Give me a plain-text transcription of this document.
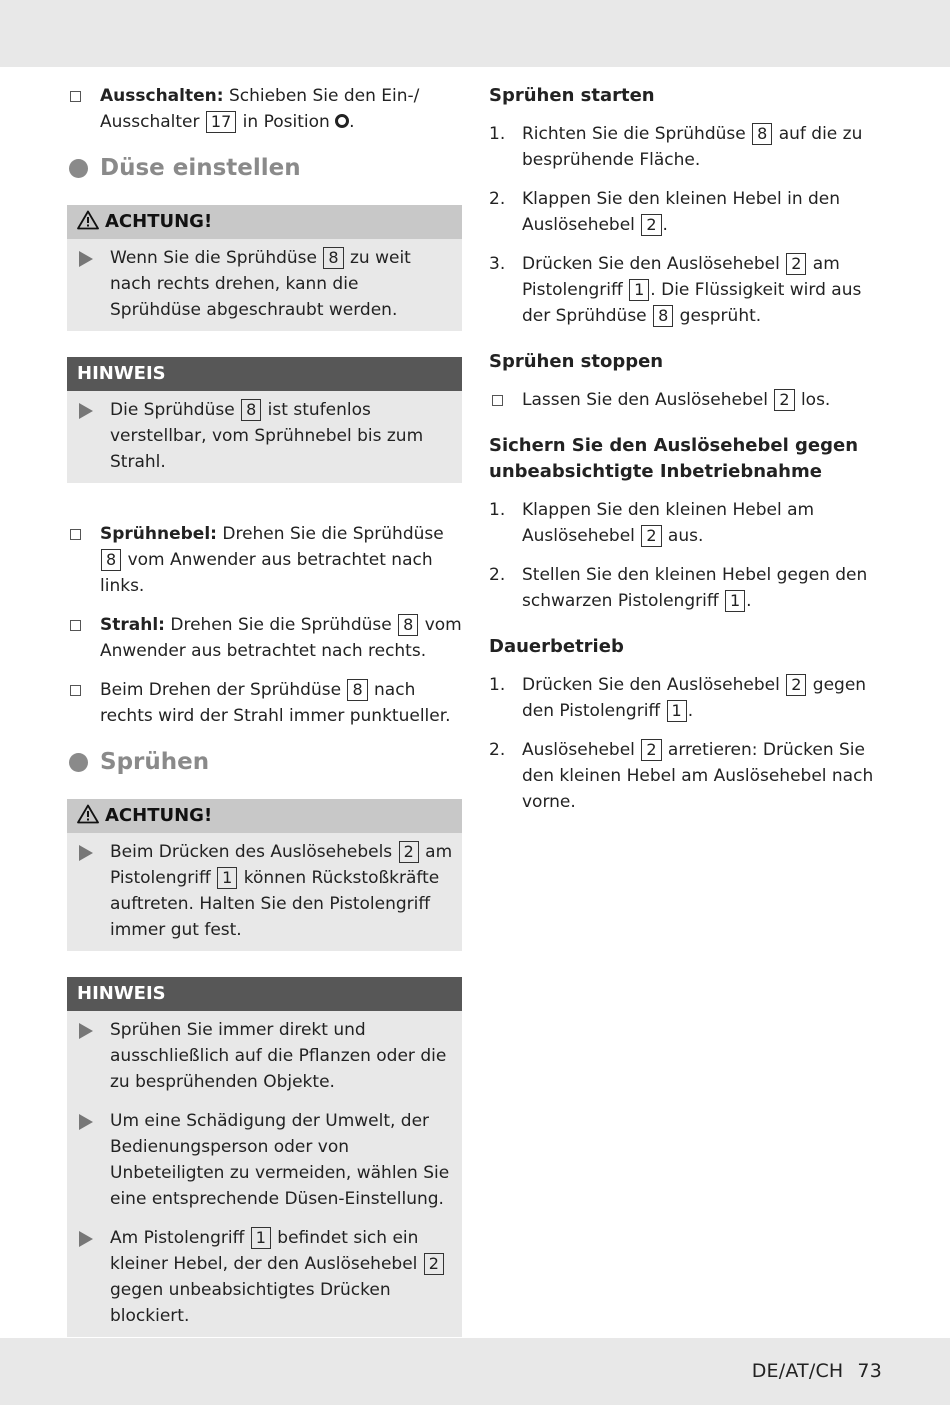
Ausschalten: Schieben Sie den Ein-/ Ausschalter 17 in Position .
Düse einstellen
ACHTUNG!
Wenn Sie die Sprühdüse 8 zu weit nach rechts drehen, kann die Sprühdüse abgeschraubt werden.
HINWEIS
Die Sprühdüse 8 ist stufenlos verstellbar, vom Sprühnebel bis zum Strahl.
Sprühnebel: Drehen Sie die Sprühdüse 8 vom Anwender aus betrachtet nach links.
Strahl: Drehen Sie die Sprühdüse 8 vom Anwender aus betrachtet nach rechts.
Beim Drehen der Sprühdüse 8 nach rechts wird der Strahl immer punktueller.
Sprühen
ACHTUNG!
Beim Drücken des Auslösehebels 2 am Pistolengriff 1 können Rückstoßkräfte auftreten. Halten Sie den Pistolengriff immer gut fest.
HINWEIS
Sprühen Sie immer direkt und ausschließlich auf die Pflanzen oder die zu besprühenden Objekte.
Um eine Schädigung der Umwelt, der Bedienungsperson oder von Unbeteiligten zu vermeiden, wählen Sie eine entsprechende Düsen-Einstellung.
Am Pistolengriff 1 befindet sich ein kleiner Hebel, der den Auslösehebel 2 gegen unbeabsichtigtes Drücken blockiert.
Sprühen starten
1. Richten Sie die Sprühdüse 8 auf die zu besprühende Fläche.
2. Klappen Sie den kleinen Hebel in den Auslösehebel 2 .
3. Drücken Sie den Auslösehebel 2 am Pistolengriff 1 . Die Flüssigkeit wird aus der Sprühdüse 8 gesprüht.
Sprühen stoppen
Lassen Sie den Auslösehebel 2 los.
Sichern Sie den Auslösehebel gegen unbeabsichtigte Inbetriebnahme
1. Klappen Sie den kleinen Hebel am Auslösehebel 2 aus.
2. Stellen Sie den kleinen Hebel gegen den schwarzen Pistolengriff 1 .
Dauerbetrieb
1. Drücken Sie den Auslösehebel 2 gegen den Pistolengriff 1 .
2. Auslösehebel 2 arretieren: Drücken Sie den kleinen Hebel am Auslösehebel nach vorne.
DE/AT/CH 73
